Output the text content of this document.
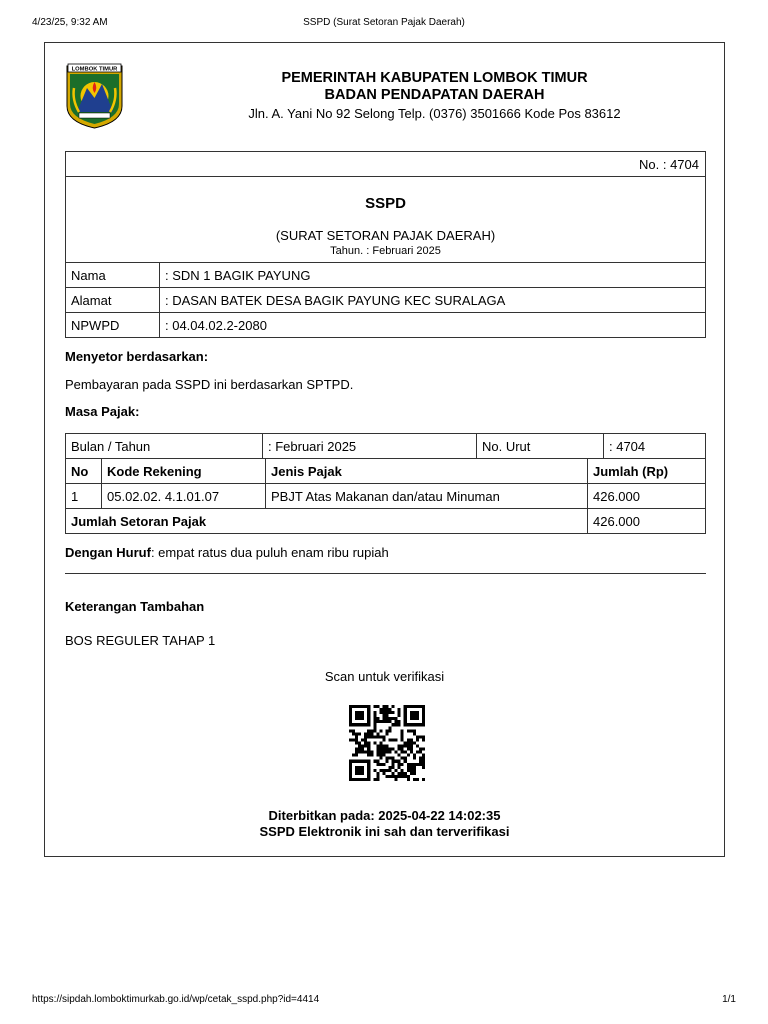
4/23/25, 9:32 AM	SSPD (Surat Setoran Pajak Daerah)
LOMBOK TIMUR
PEMERINTAH KABUPATEN LOMBOK TIMUR
BADAN PENDAPATAN DAERAH
Jln. A. Yani No 92 Selong Telp. (0376) 3501666 Kode Pos 83612
No. : 4704
SSPD
(SURAT SETORAN PAJAK DAERAH)
Tahun. : Februari 2025
Nama	: SDN 1 BAGIK PAYUNG
Alamat	: DASAN BATEK DESA BAGIK PAYUNG KEC SURALAGA
NPWPD	: 04.04.02.2-2080
Menyetor berdasarkan:
Pembayaran pada SSPD ini berdasarkan SPTPD.
Masa Pajak:
Bulan / Tahun	: Februari 2025	No. Urut	: 4704
No	Kode Rekening	Jenis Pajak	Jumlah (Rp)
1	05.02.02. 4.1.01.07	PBJT Atas Makanan dan/atau Minuman	426.000
Jumlah Setoran Pajak			426.000
Dengan Huruf: empat ratus dua puluh enam ribu rupiah
Keterangan Tambahan
BOS REGULER TAHAP 1
Scan untuk verifikasi
Diterbitkan pada: 2025-04-22 14:02:35
SSPD Elektronik ini sah dan terverifikasi
https://sipdah.lomboktimurkab.go.id/wp/cetak_sspd.php?id=4414	1/1
